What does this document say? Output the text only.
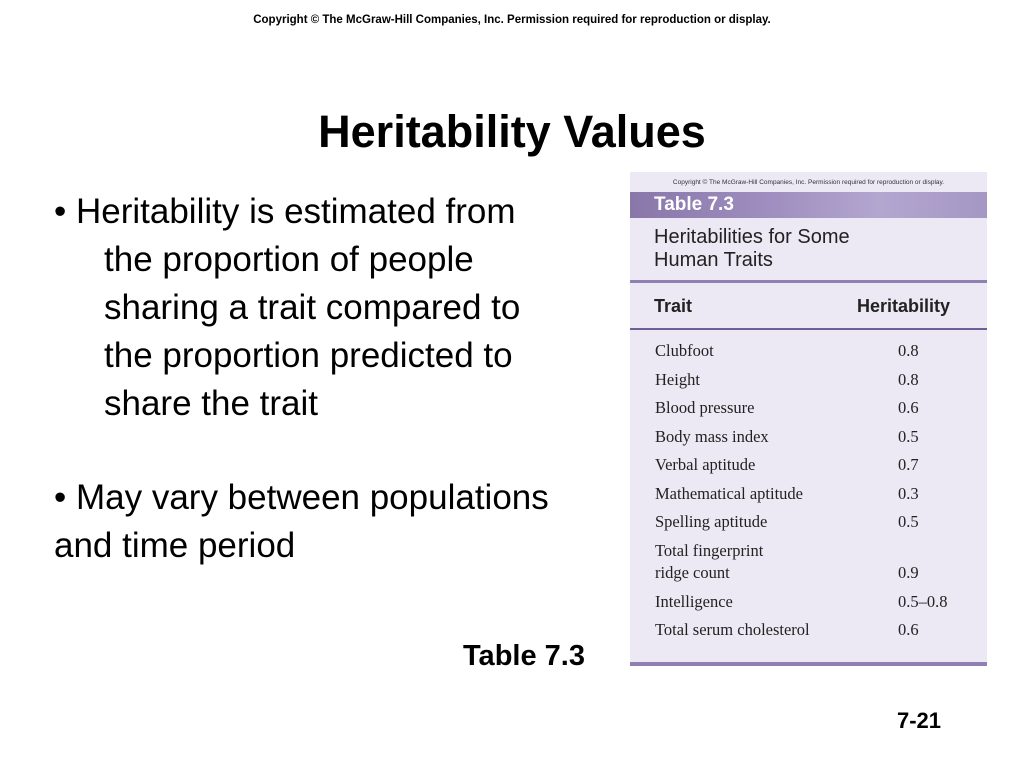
Copyright © The McGraw-Hill Companies, Inc. Permission required for reproduction or display.
Heritability Values
• Heritability is estimated from
the proportion of people
sharing a trait compared to
the proportion predicted to
share the trait
• May vary between populations
and time period
Copyright © The McGraw-Hill Companies, Inc. Permission required for reproduction or display.
Table 7.3
Heritabilities for Some
Human Traits
Trait	Heritability
Clubfoot	0.8
Height	0.8
Blood pressure	0.6
Body mass index	0.5
Verbal aptitude	0.7
Mathematical aptitude	0.3
Spelling aptitude	0.5
Total fingerprint
ridge count	0.9
Intelligence	0.5–0.8
Total serum cholesterol	0.6
Table 7.3
7-21
